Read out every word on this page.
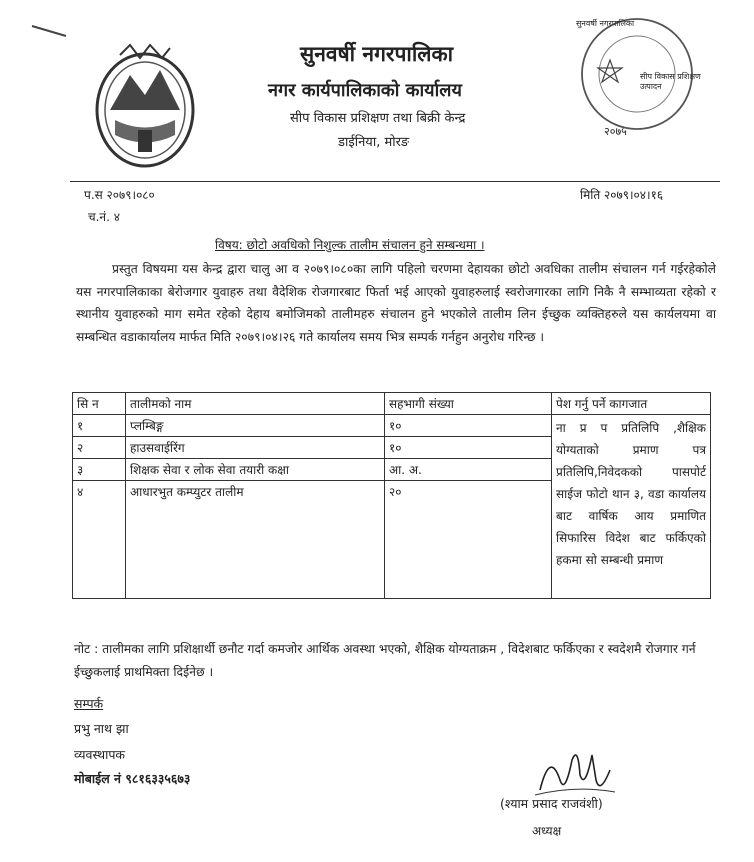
सुनवर्षी नगरपालिका
सीप विकास प्रशिक्षण उत्पादन
२०७५
सुनवर्षी नगरपालिका
नगर कार्यपालिकाको कार्यालय
सीप विकास प्रशिक्षण तथा बिक्री केन्द्र
डाईनिया, मोरङ
प.स २०७९।०८०	मिति २०७९।०४।१६
च.नं. ४
विषय: छोटो अवधिको निशुल्क तालीम संचालन हुने सम्बन्धमा ।
प्रस्तुत विषयमा यस केन्द्र द्वारा चालु आ व २०७९।०८०का लागि पहिलो चरणमा देहायका छोटो अवधिका तालीम संचालन गर्न गईरहेकोले यस नगरपालिकाका बेरोजगार युवाहरु तथा वैदेशिक रोजगारबाट फिर्ता भई आएको युवाहरुलाई स्वरोजगारका लागि निकै नै सम्भाव्यता रहेको र स्थानीय युवाहरुको माग समेत रहेको देहाय बमोजिमको तालीमहरु संचालन हुने भएकोले तालीम लिन ईच्छुक व्यक्तिहरुले यस कार्यलयमा वा सम्बन्धित वडाकार्यालय मार्फत मिति २०७९।०४।२६ गते कार्यालय समय भित्र सम्पर्क गर्नहुन अनुरोध गरिन्छ ।
सि न	तालीमको नाम	सहभागी संख्या	पेश गर्नु पर्ने कागजात
१	प्लम्बिङ्ग	१०	ना प्र प प्रतिलिपि ,शैक्षिक योग्यताको प्रमाण पत्र प्रतिलिपि,निवेदकको पासपोर्ट साईज फोटो थान ३, वडा कार्यालय बाट वार्षिक आय प्रमाणित सिफारिस विदेश बाट फर्किएको हकमा सो सम्बन्धी प्रमाण
२	हाउसवाईरिंग	१०	
३	शिक्षक सेवा र लोक सेवा तयारी कक्षा	आ. अ.	
४	आधारभुत कम्प्युटर तालीम	२०	
नोट : तालीमका लागि प्रशिक्षार्थी छनौट गर्दा कमजोर आर्थिक अवस्था भएको, शैक्षिक योग्यताक्रम , विदेशबाट फर्किएका र स्वदेशमै रोजगार गर्न ईच्छुकलाई प्राथमिक्ता दिईनेछ ।
सम्पर्क
प्रभु नाथ झा
व्यवस्थापक
मोबाईल नं ९८१६३३५६७३
(श्याम प्रसाद राजवंशी)
अध्यक्ष
